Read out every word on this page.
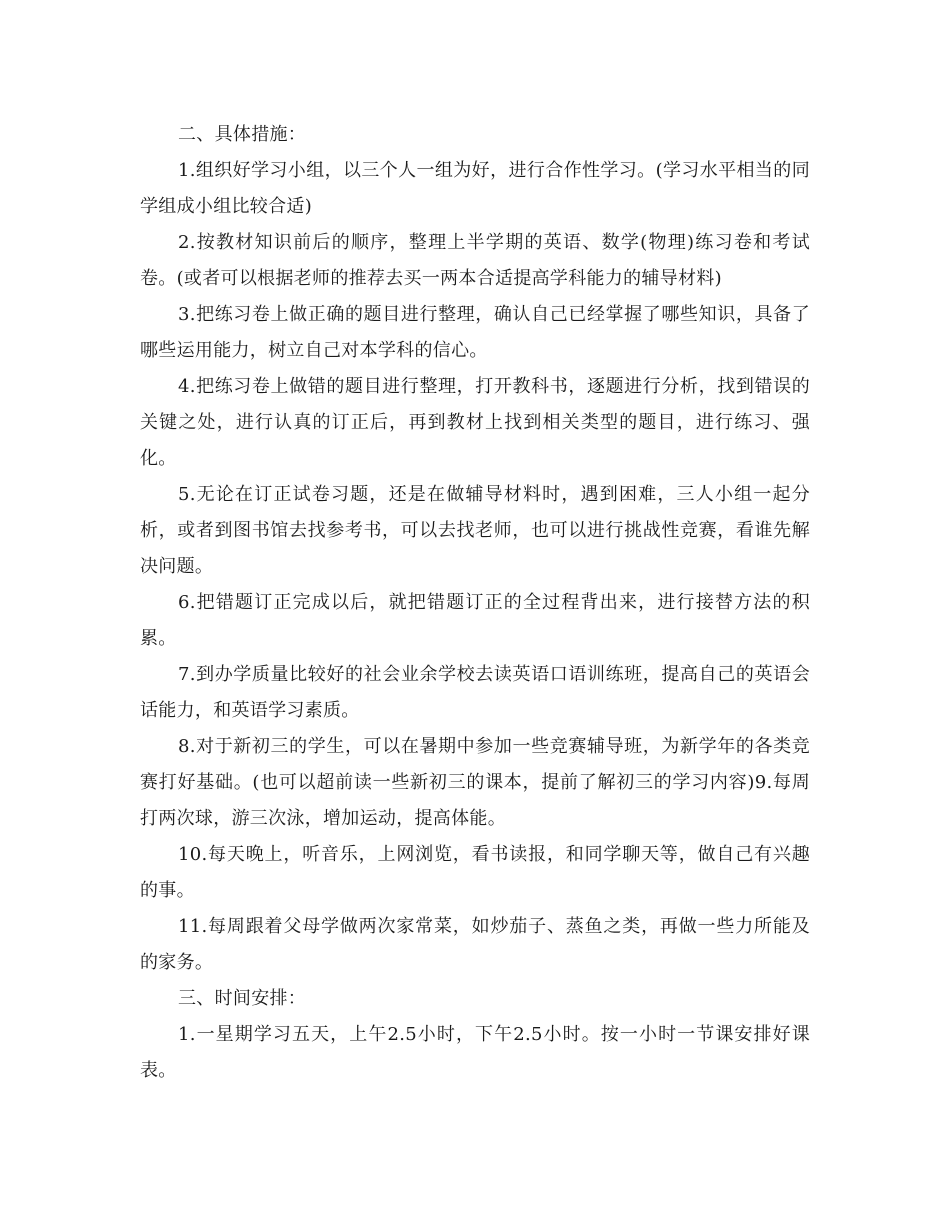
二、具体措施：

1.组织好学习小组，以三个人一组为好，进行合作性学习。(学习水平相当的同学组成小组比较合适)

2.按教材知识前后的顺序，整理上半学期的英语、数学(物理)练习卷和考试卷。(或者可以根据老师的推荐去买一两本合适提高学科能力的辅导材料)

3.把练习卷上做正确的题目进行整理，确认自己已经掌握了哪些知识，具备了哪些运用能力，树立自己对本学科的信心。

4.把练习卷上做错的题目进行整理，打开教科书，逐题进行分析，找到错误的关键之处，进行认真的订正后，再到教材上找到相关类型的题目，进行练习、强化。

5.无论在订正试卷习题，还是在做辅导材料时，遇到困难，三人小组一起分析，或者到图书馆去找参考书，可以去找老师，也可以进行挑战性竞赛，看谁先解决问题。

6.把错题订正完成以后，就把错题订正的全过程背出来，进行接替方法的积累。

7.到办学质量比较好的社会业余学校去读英语口语训练班，提高自己的英语会话能力，和英语学习素质。

8.对于新初三的学生，可以在暑期中参加一些竞赛辅导班，为新学年的各类竞赛打好基础。(也可以超前读一些新初三的课本，提前了解初三的学习内容)9.每周打两次球，游三次泳，增加运动，提高体能。

10.每天晚上，听音乐，上网浏览，看书读报，和同学聊天等，做自己有兴趣的事。

11.每周跟着父母学做两次家常菜，如炒茄子、蒸鱼之类，再做一些力所能及的家务。

三、时间安排：

1.一星期学习五天，上午2.5小时，下午2.5小时。按一小时一节课安排好课表。
